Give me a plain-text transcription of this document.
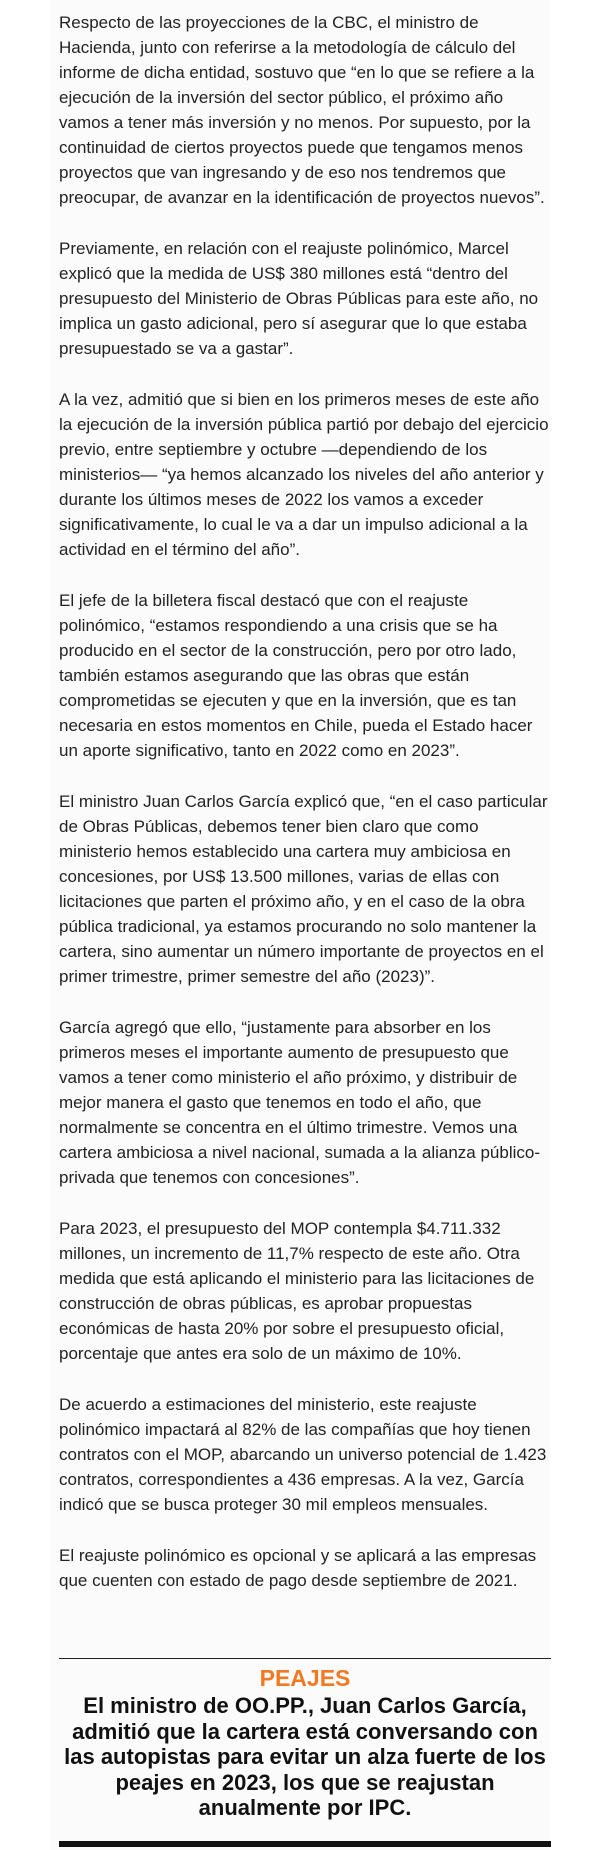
Respecto de las proyecciones de la CBC, el ministro de Hacienda, junto con referirse a la metodología de cálculo del informe de dicha entidad, sostuvo que “en lo que se refiere a la ejecución de la inversión del sector público, el próximo año vamos a tener más inversión y no menos. Por supuesto, por la continuidad de ciertos proyectos puede que tengamos menos proyectos que van ingresando y de eso nos tendremos que preocupar, de avanzar en la identificación de proyectos nuevos”.

Previamente, en relación con el reajuste polinómico, Marcel explicó que la medida de US$ 380 millones está “dentro del presupuesto del Ministerio de Obras Públicas para este año, no implica un gasto adicional, pero sí asegurar que lo que estaba presupuestado se va a gastar”.

A la vez, admitió que si bien en los primeros meses de este año la ejecución de la inversión pública partió por debajo del ejercicio previo, entre septiembre y octubre —dependiendo de los ministerios— “ya hemos alcanzado los niveles del año anterior y durante los últimos meses de 2022 los vamos a exceder significativamente, lo cual le va a dar un impulso adicional a la actividad en el término del año”.

El jefe de la billetera fiscal destacó que con el reajuste polinómico, “estamos respondiendo a una crisis que se ha producido en el sector de la construcción, pero por otro lado, también estamos asegurando que las obras que están comprometidas se ejecuten y que en la inversión, que es tan necesaria en estos momentos en Chile, pueda el Estado hacer un aporte significativo, tanto en 2022 como en 2023”.

El ministro Juan Carlos García explicó que, “en el caso particular de Obras Públicas, debemos tener bien claro que como ministerio hemos establecido una cartera muy ambiciosa en concesiones, por US$ 13.500 millones, varias de ellas con licitaciones que parten el próximo año, y en el caso de la obra pública tradicional, ya estamos procurando no solo mantener la cartera, sino aumentar un número importante de proyectos en el primer trimestre, primer semestre del año (2023)”.

García agregó que ello, “justamente para absorber en los primeros meses el importante aumento de presupuesto que vamos a tener como ministerio el año próximo, y distribuir de mejor manera el gasto que tenemos en todo el año, que normalmente se concentra en el último trimestre. Vemos una cartera ambiciosa a nivel nacional, sumada a la alianza público-privada que tenemos con concesiones”.

Para 2023, el presupuesto del MOP contempla $4.711.332 millones, un incremento de 11,7% respecto de este año. Otra medida que está aplicando el ministerio para las licitaciones de construcción de obras públicas, es aprobar propuestas económicas de hasta 20% por sobre el presupuesto oficial, porcentaje que antes era solo de un máximo de 10%.

De acuerdo a estimaciones del ministerio, este reajuste polinómico impactará al 82% de las compañías que hoy tienen contratos con el MOP, abarcando un universo potencial de 1.423 contratos, correspondientes a 436 empresas. A la vez, García indicó que se busca proteger 30 mil empleos mensuales.

El reajuste polinómico es opcional y se aplicará a las empresas que cuenten con estado de pago desde septiembre de 2021.

PEAJES
El ministro de OO.PP., Juan Carlos García, admitió que la cartera está conversando con las autopistas para evitar un alza fuerte de los peajes en 2023, los que se reajustan anualmente por IPC.
